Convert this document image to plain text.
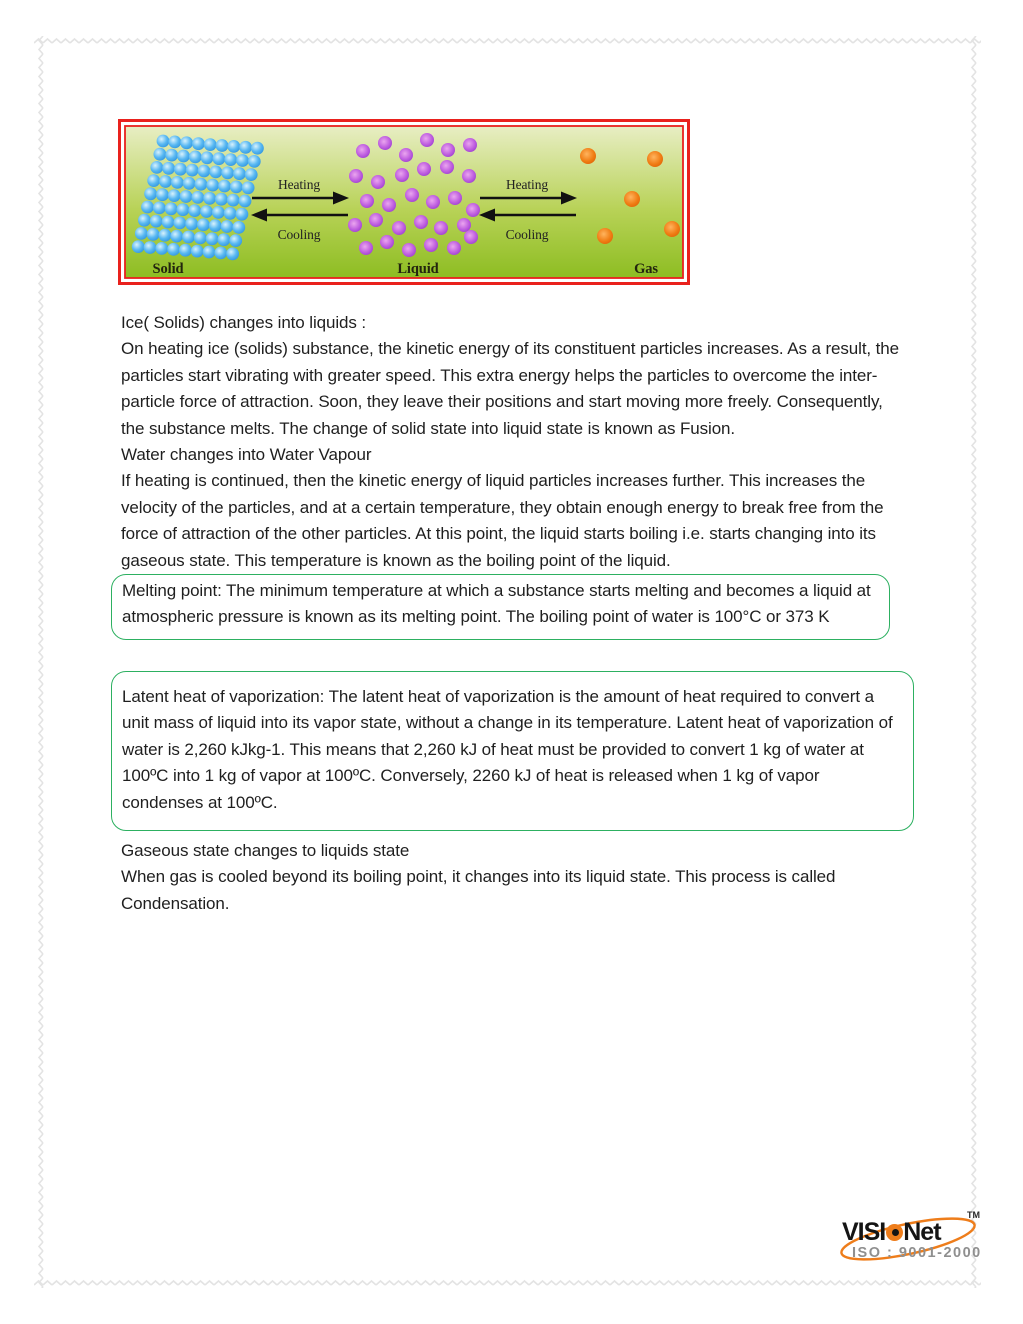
Heating
Cooling
Heating
Cooling
Solid	Liquid	Gas

Ice( Solids) changes into liquids :

On heating ice (solids) substance, the kinetic energy of its constituent particles increases. As a result, the particles start vibrating with greater speed. This extra energy helps the particles to overcome the inter-particle force of attraction. Soon, they leave their positions and start moving more freely. Consequently, the substance melts. The change of solid state into liquid state is known as Fusion.

Water changes into Water Vapour

If heating is continued, then the kinetic energy of liquid particles increases further. This increases the velocity of the particles, and at a certain temperature, they obtain enough energy to break free from the force of attraction of the other particles. At this point, the liquid starts boiling i.e. starts changing into its gaseous state. This temperature is known as the boiling point of the liquid.

Melting point: The minimum temperature at which a substance starts melting and becomes a liquid at atmospheric pressure is known as its melting point. The boiling point of water is 100°C or 373 K

Latent heat of vaporization: The latent heat of vaporization is the amount of heat required to convert a unit mass of liquid into its vapor state, without a change in its temperature. Latent heat of vaporization of water is 2,260 kJkg-1. This means that 2,260 kJ of heat must be provided to convert 1 kg of water at 100ºC into 1 kg of vapor at 100ºC. Conversely, 2260 kJ of heat is released when 1 kg of vapor condenses at 100ºC.

Gaseous state changes to liquids state

When gas is cooled beyond its boiling point, it changes into its liquid state. This process is called Condensation.

VISI Net
TM
ISO : 9001-2000
